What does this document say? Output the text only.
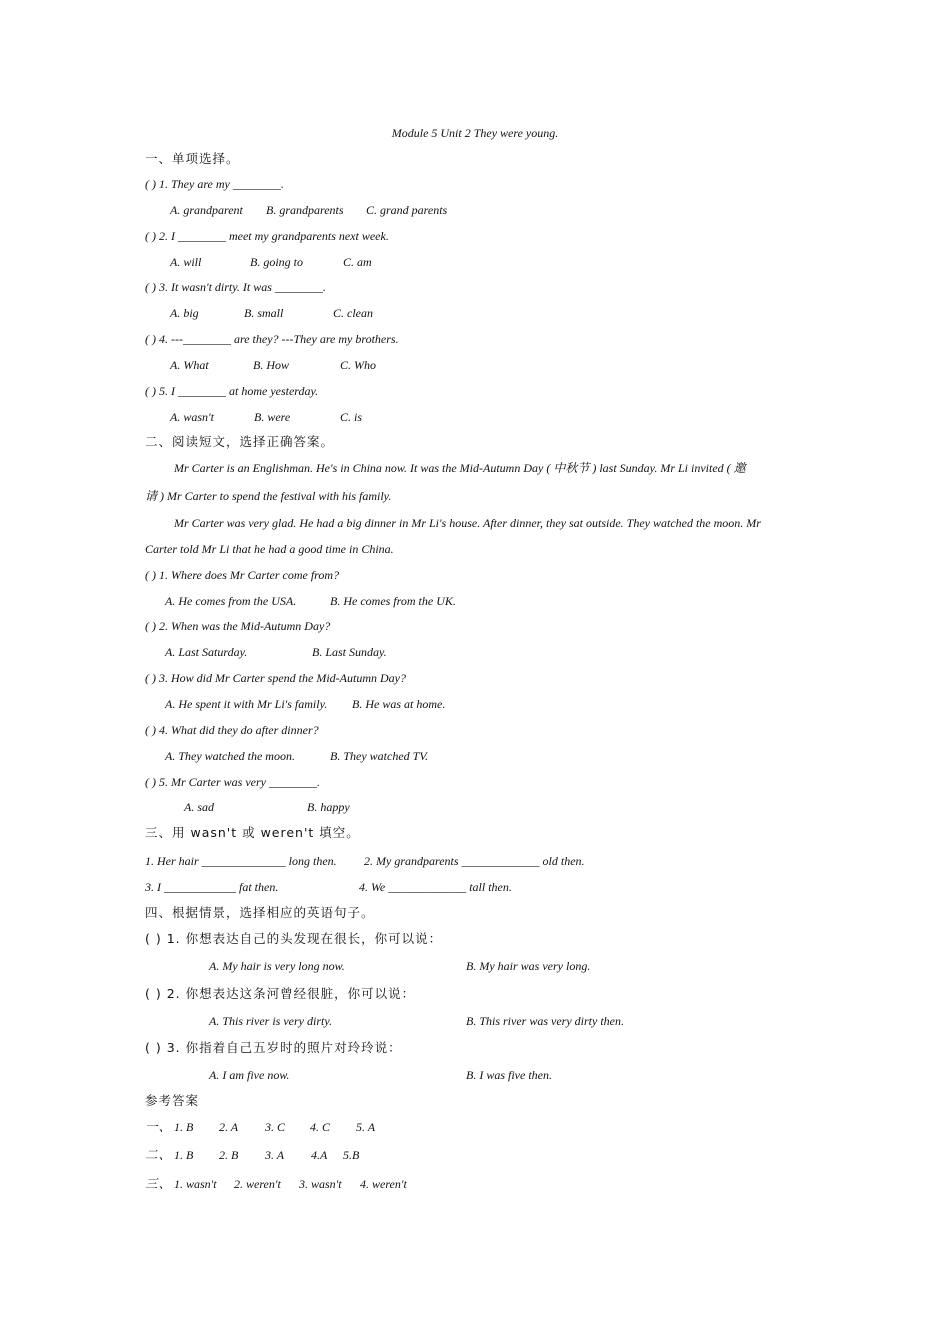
Module 5 Unit 2 They were young.
一、单项选择。
( ) 1. They are my ________.
A. grandparent B. grandparents C. grand parents
( ) 2. I ________ meet my grandparents next week.
A. will	B. going to	C. am
( ) 3. It wasn't dirty. It was ________.
A. big	B. small	C. clean
( ) 4. ---________ are they? ---They are my brothers.
A. What	B. How	C. Who
( ) 5. I ________ at home yesterday.
A. wasn't	B. were	C. is
二、阅读短文，选择正确答案。
Mr Carter is an Englishman. He's in China now. It was the Mid-Autumn Day ( 中秋节 ) last Sunday. Mr Li invited ( 邀
请 ) Mr Carter to spend the festival with his family.
Mr Carter was very glad. He had a big dinner in Mr Li's house. After dinner, they sat outside. They watched the moon. Mr
Carter told Mr Li that he had a good time in China.
( ) 1. Where does Mr Carter come from?
A. He comes from the USA.	B. He comes from the UK.
( ) 2. When was the Mid-Autumn Day?
A. Last Saturday.	B. Last Sunday.
( ) 3. How did Mr Carter spend the Mid-Autumn Day?
A. He spent it with Mr Li's family. B. He was at home.
( ) 4. What did they do after dinner?
A. They watched the moon.	B. They watched TV.
( ) 5. Mr Carter was very ________.
A. sad	B. happy
三、用 wasn't 或 weren't 填空。
1. Her hair ______________ long then. 2. My grandparents _____________ old then.
3. I ____________ fat then.	4. We _____________ tall then.
四、根据情景，选择相应的英语句子。
( ) 1. 你想表达自己的头发现在很长，你可以说：
A. My hair is very long now.	B. My hair was very long.
( ) 2. 你想表达这条河曾经很脏，你可以说：
A. This river is very dirty.	B. This river was very dirty then.
( ) 3. 你指着自己五岁时的照片对玲玲说：
A. I am five now.	B. I was five then.
参考答案
一、 1. B 2. A 3. C 4. C 5. A
二、 1. B 2. B 3. A 4.A 5.B
三、 1. wasn't 2. weren't 3. wasn't 4. weren't
